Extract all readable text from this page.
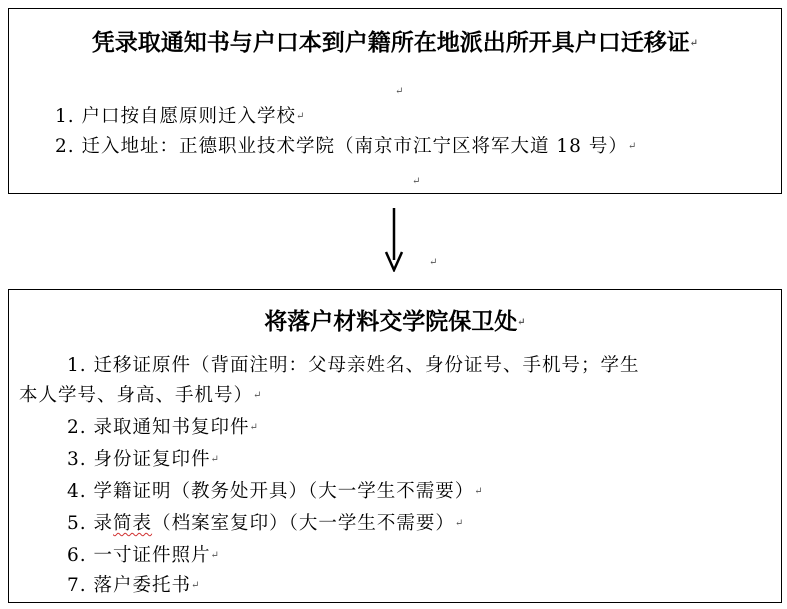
凭录取通知书与户口本到户籍所在地派出所开具户口迁移证↵
1. 户口按自愿原则迁入学校↵
2. 迁入地址：正德职业技术学院（南京市江宁区将军大道 18 号）↵
↵
↵
↵
将落户材料交学院保卫处↵
1. 迁移证原件（背面注明：父母亲姓名、身份证号、手机号；学生
本人学号、身高、手机号）↵
2. 录取通知书复印件↵
3. 身份证复印件↵
4. 学籍证明（教务处开具）（大一学生不需要）↵
5. 录简表（档案室复印）（大一学生不需要）↵
6. 一寸证件照片↵
7. 落户委托书↵
